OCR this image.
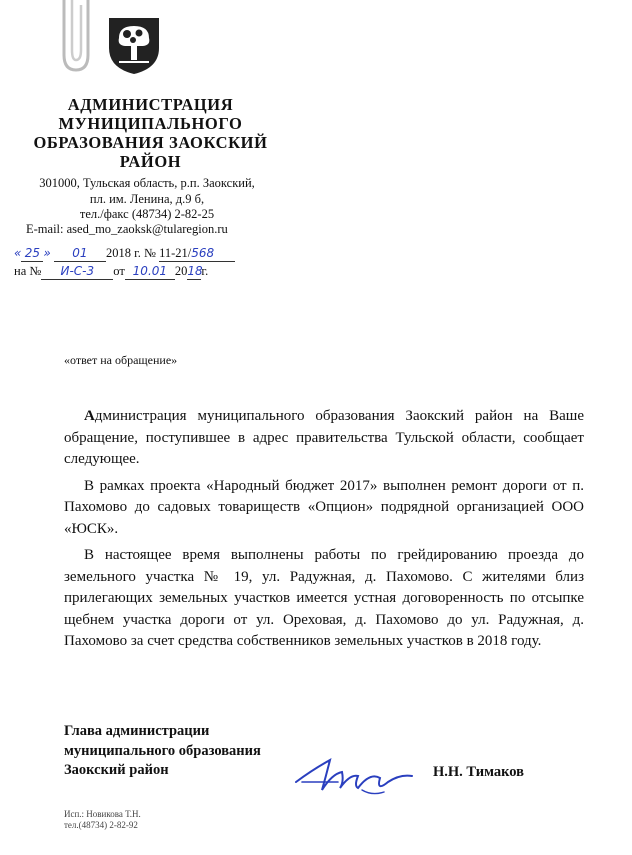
АДМИНИСТРАЦИЯ
МУНИЦИПАЛЬНОГО
ОБРАЗОВАНИЯ ЗАОКСКИЙ
РАЙОН
301000, Тульская область, р.п. Заокский,
пл. им. Ленина, д.9 б,
тел./факс (48734) 2-82-25
E-mail: ased_mo_zaoksk@tularegion.ru
« 25 » 01 2018 г. № 11-21/568
на № И-С-3 от 10.01 2018г.
«ответ на обращение»

Администрация муниципального образования Заокский район на Ваше обращение, поступившее в адрес правительства Тульской области, сообщает следующее.

В рамках проекта «Народный бюджет 2017» выполнен ремонт дороги от п. Пахомово до садовых товариществ «Опцион» подрядной организацией ООО «ЮСК».

В настоящее время выполнены работы по грейдированию проезда до земельного участка № 19, ул. Радужная, д. Пахомово. С жителями близ прилегающих земельных участков имеется устная договоренность по отсыпке щебнем участка дороги от ул. Ореховая, д. Пахомово до ул. Радужная, д. Пахомово за счет средства собственников земельных участков в 2018 году.

Глава администрации
муниципального образования
Заокский район	Н.Н. Тимаков
Исп.: Новикова Т.Н.
тел.(48734) 2-82-92
